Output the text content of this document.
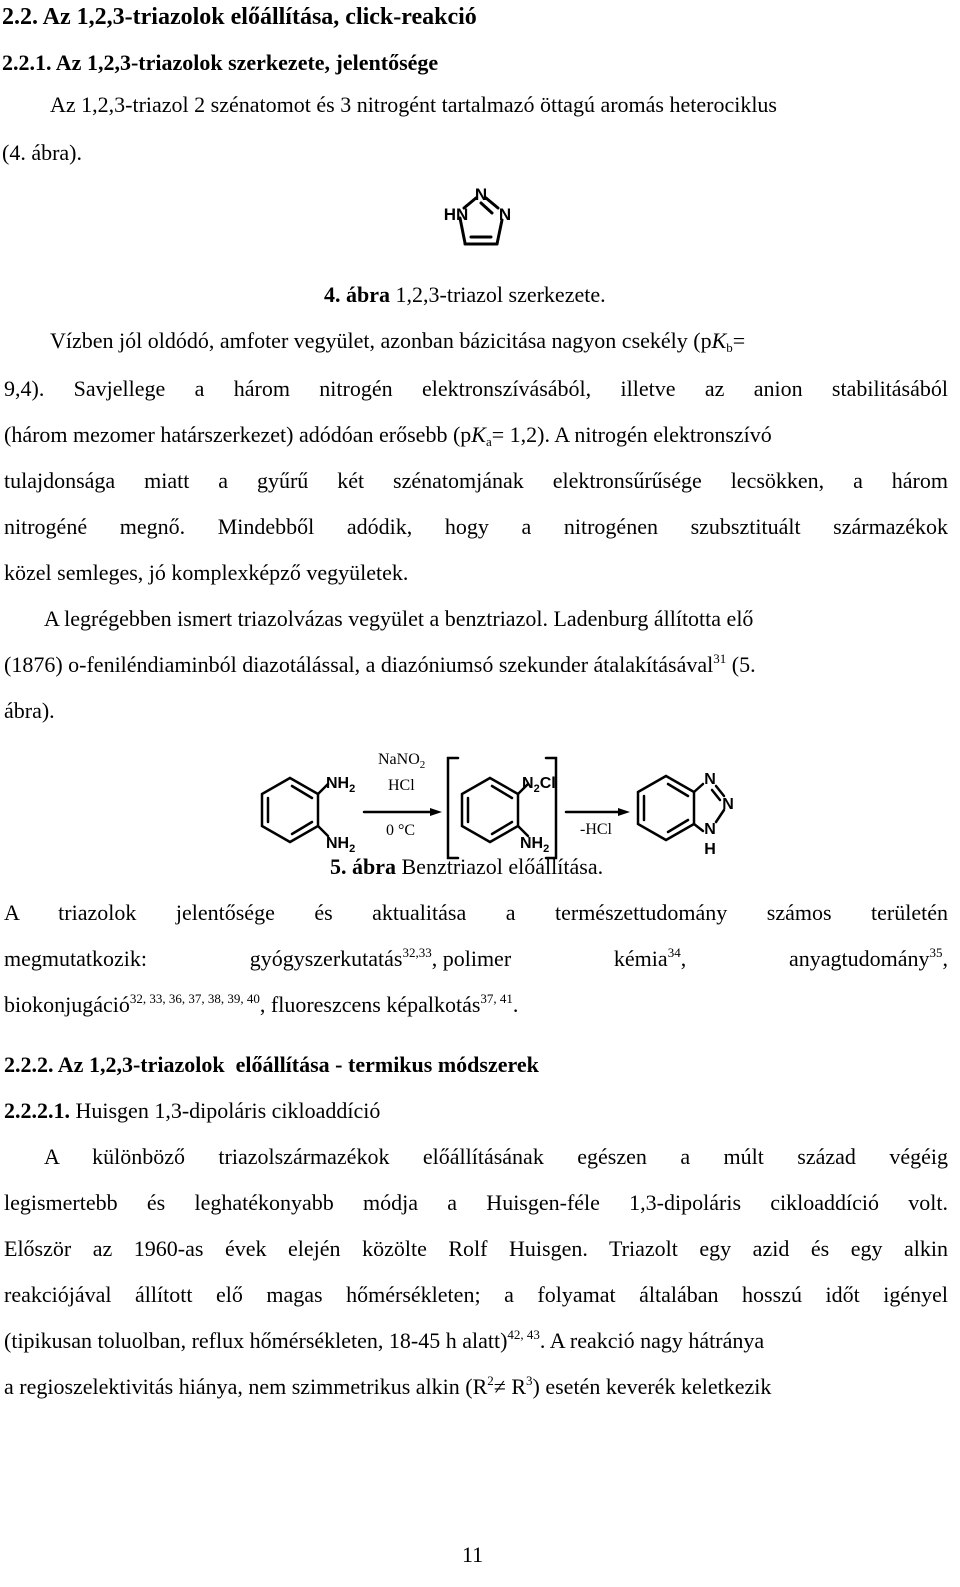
2.2. Az 1,2,3-triazolok előállítása, click-reakció
2.2.1. Az 1,2,3-triazolok szerkezete, jelentősége
Az 1,2,3-triazol 2 szénatomot és 3 nitrogént tartalmazó öttagú aromás heterociklus
(4. ábra).
N
HN N
4. ábra 1,2,3-triazol szerkezete.
Vízben jól oldódó, amfoter vegyület, azonban bázicitása nagyon csekély ($pK_b=$
9,4). Savjellege a három nitrogén elektronszívásából, illetve az anion stabilitásából
(három mezomer határszerkezet) adódóan erősebb $(pK_a= 1,2)$. A nitrogén elektronszívó
tulajdonsága miatt a gyűrű két szénatomjának elektronsűrűsége lecsökken, a három
nitrogéné megnő. Mindebből adódik, hogy a nitrogénen szubsztituált származékok
közel semleges, jó komplexképző vegyületek.
A legrégebben ismert triazolvázas vegyület a benztriazol. Ladenburg állította elő
(1876) o-feniléndiaminból diazotálással, a diazóniumsó szekunder átalakításával$^{31}$ (5.
ábra).
$NH_2$
$NH_2$
NaNO$_2$
HCl
0 °C
$N_2Cl$
$NH_2$
-HCl
N
N
N
H
5. ábra Benztriazol előállítása.
A triazolok jelentősége és aktualitása a természettudomány számos területén
megmutatkozik:	gyógyszerkutatás$^{32,33}$, polimer	kémia$^{34}$,	anyagtudomány$^{35}$,
biokonjugáció$^{32, 33, 36, 37, 38, 39, 40}$, fluoreszcens képalkotás$^{37, 41}$.
2.2.2. Az 1,2,3-triazolok  előállítása - termikus módszerek
2.2.2.1. Huisgen 1,3-dipoláris cikloaddíció
A különböző triazolszármazékok előállításának egészen a múlt század végéig
legismertebb és leghatékonyabb módja a Huisgen-féle 1,3-dipoláris cikloaddíció volt.
Először az 1960-as évek elején közölte Rolf Huisgen. Triazolt egy azid és egy alkin
reakciójával állított elő magas hőmérsékleten; a folyamat általában hosszú időt igényel
(tipikusan toluolban, reflux hőmérsékleten, 18-45 h alatt)$^{42, 43}$. A reakció nagy hátránya
a regioszelektivitás hiánya, nem szimmetrikus alkin $(R^2\ne R^3)$ esetén keverék keletkezik
11
